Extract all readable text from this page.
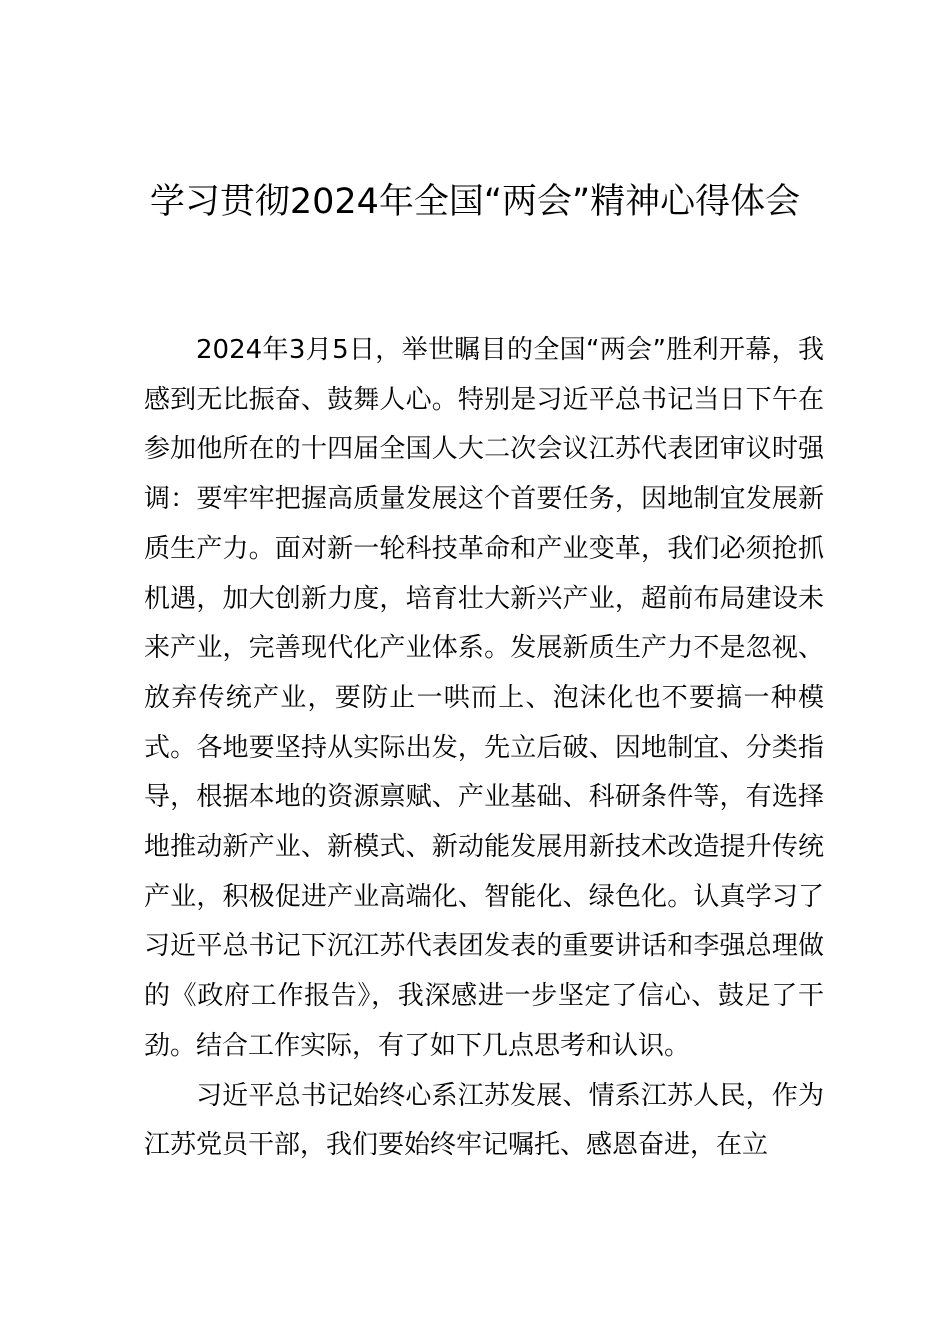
学习贯彻2024年全国“两会”精神心得体会

2024年3月5日，举世瞩目的全国“两会”胜利开幕，我感到无比振奋、鼓舞人心。特别是习近平总书记当日下午在参加他所在的十四届全国人大二次会议江苏代表团审议时强调：要牢牢把握高质量发展这个首要任务，因地制宜发展新质生产力。面对新一轮科技革命和产业变革，我们必须抢抓机遇，加大创新力度，培育壮大新兴产业，超前布局建设未来产业，完善现代化产业体系。发展新质生产力不是忽视、放弃传统产业，要防止一哄而上、泡沫化也不要搞一种模式。各地要坚持从实际出发，先立后破、因地制宜、分类指导，根据本地的资源禀赋、产业基础、科研条件等，有选择地推动新产业、新模式、新动能发展用新技术改造提升传统产业，积极促进产业高端化、智能化、绿色化。认真学习了习近平总书记下沉江苏代表团发表的重要讲话和李强总理做的《政府工作报告》，我深感进一步坚定了信心、鼓足了干劲。结合工作实际，有了如下几点思考和认识。

习近平总书记始终心系江苏发展、情系江苏人民，作为江苏党员干部，我们要始终牢记嘱托、感恩奋进，在立
